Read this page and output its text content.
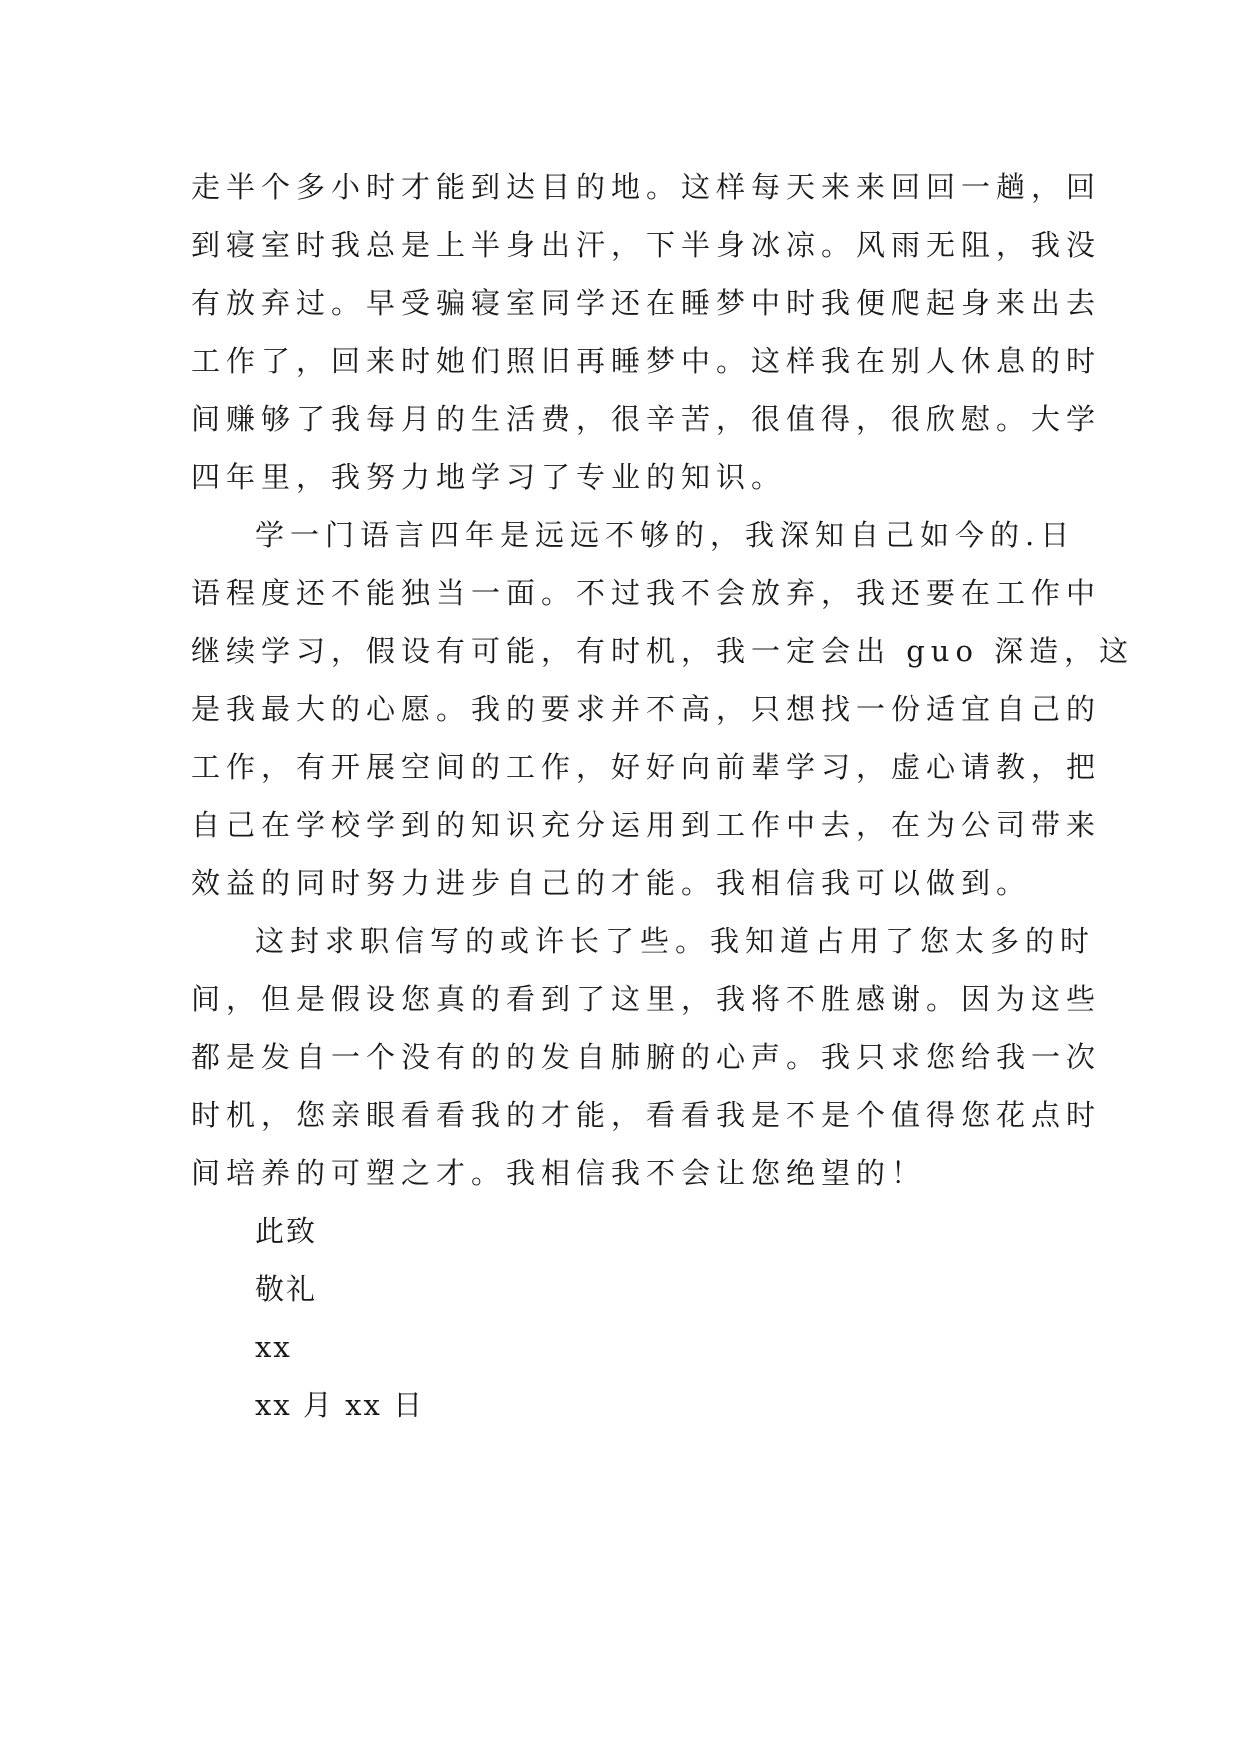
走半个多小时才能到达目的地。这样每天来来回回一趟，回
到寝室时我总是上半身出汗，下半身冰凉。风雨无阻，我没
有放弃过。早受骗寝室同学还在睡梦中时我便爬起身来出去
工作了，回来时她们照旧再睡梦中。这样我在别人休息的时
间赚够了我每月的生活费，很辛苦，很值得，很欣慰。大学
四年里，我努力地学习了专业的知识。
学一门语言四年是远远不够的，我深知自己如今的.日
语程度还不能独当一面。不过我不会放弃，我还要在工作中
继续学习，假设有可能，有时机，我一定会出 guo 深造，这
是我最大的心愿。我的要求并不高，只想找一份适宜自己的
工作，有开展空间的工作，好好向前辈学习，虚心请教，把
自己在学校学到的知识充分运用到工作中去，在为公司带来
效益的同时努力进步自己的才能。我相信我可以做到。
这封求职信写的或许长了些。我知道占用了您太多的时
间，但是假设您真的看到了这里，我将不胜感谢。因为这些
都是发自一个没有的的发自肺腑的心声。我只求您给我一次
时机，您亲眼看看我的才能，看看我是不是个值得您花点时
间培养的可塑之才。我相信我不会让您绝望的！
此致
敬礼
xx
xx 月 xx 日
